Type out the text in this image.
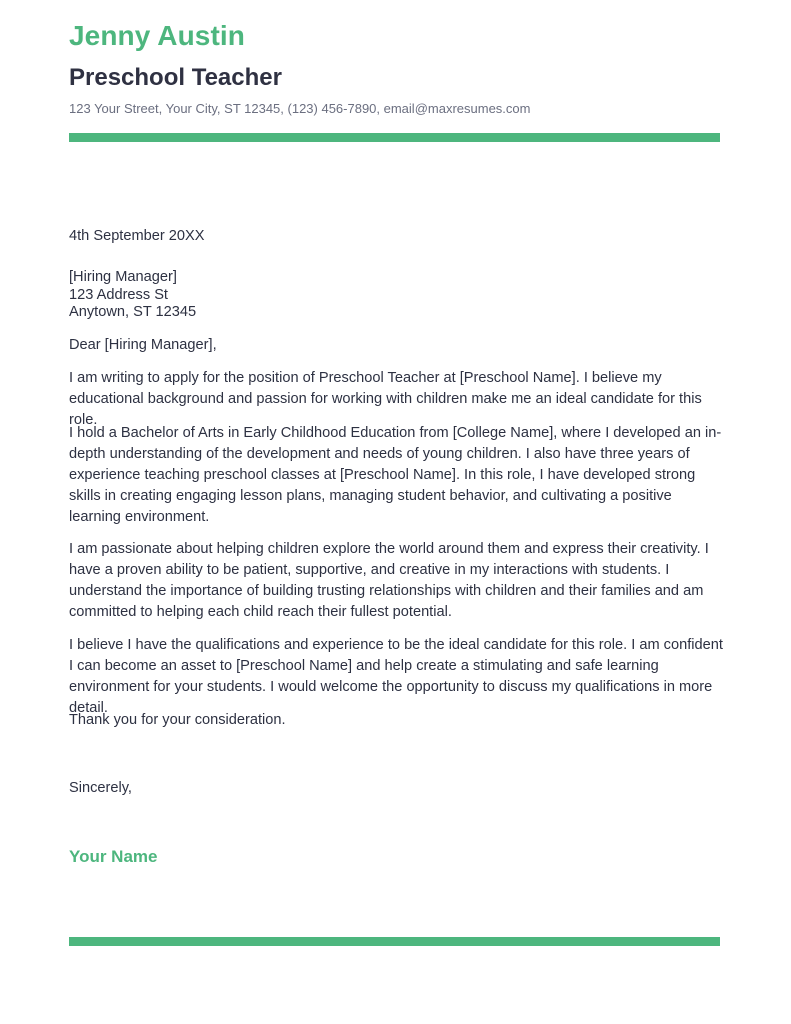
Jenny Austin
Preschool Teacher
123 Your Street, Your City, ST 12345, (123) 456-7890, email@maxresumes.com
4th September 20XX
[Hiring Manager]
123 Address St
Anytown, ST 12345
Dear [Hiring Manager],

I am writing to apply for the position of Preschool Teacher at [Preschool Name]. I believe my educational background and passion for working with children make me an ideal candidate for this role.

I hold a Bachelor of Arts in Early Childhood Education from [College Name], where I developed an in-depth understanding of the development and needs of young children. I also have three years of experience teaching preschool classes at [Preschool Name]. In this role, I have developed strong skills in creating engaging lesson plans, managing student behavior, and cultivating a positive learning environment.

I am passionate about helping children explore the world around them and express their creativity. I have a proven ability to be patient, supportive, and creative in my interactions with students. I understand the importance of building trusting relationships with children and their families and am committed to helping each child reach their fullest potential.

I believe I have the qualifications and experience to be the ideal candidate for this role. I am confident I can become an asset to [Preschool Name] and help create a stimulating and safe learning environment for your students. I would welcome the opportunity to discuss my qualifications in more detail.

Thank you for your consideration.

Sincerely,
Your Name
